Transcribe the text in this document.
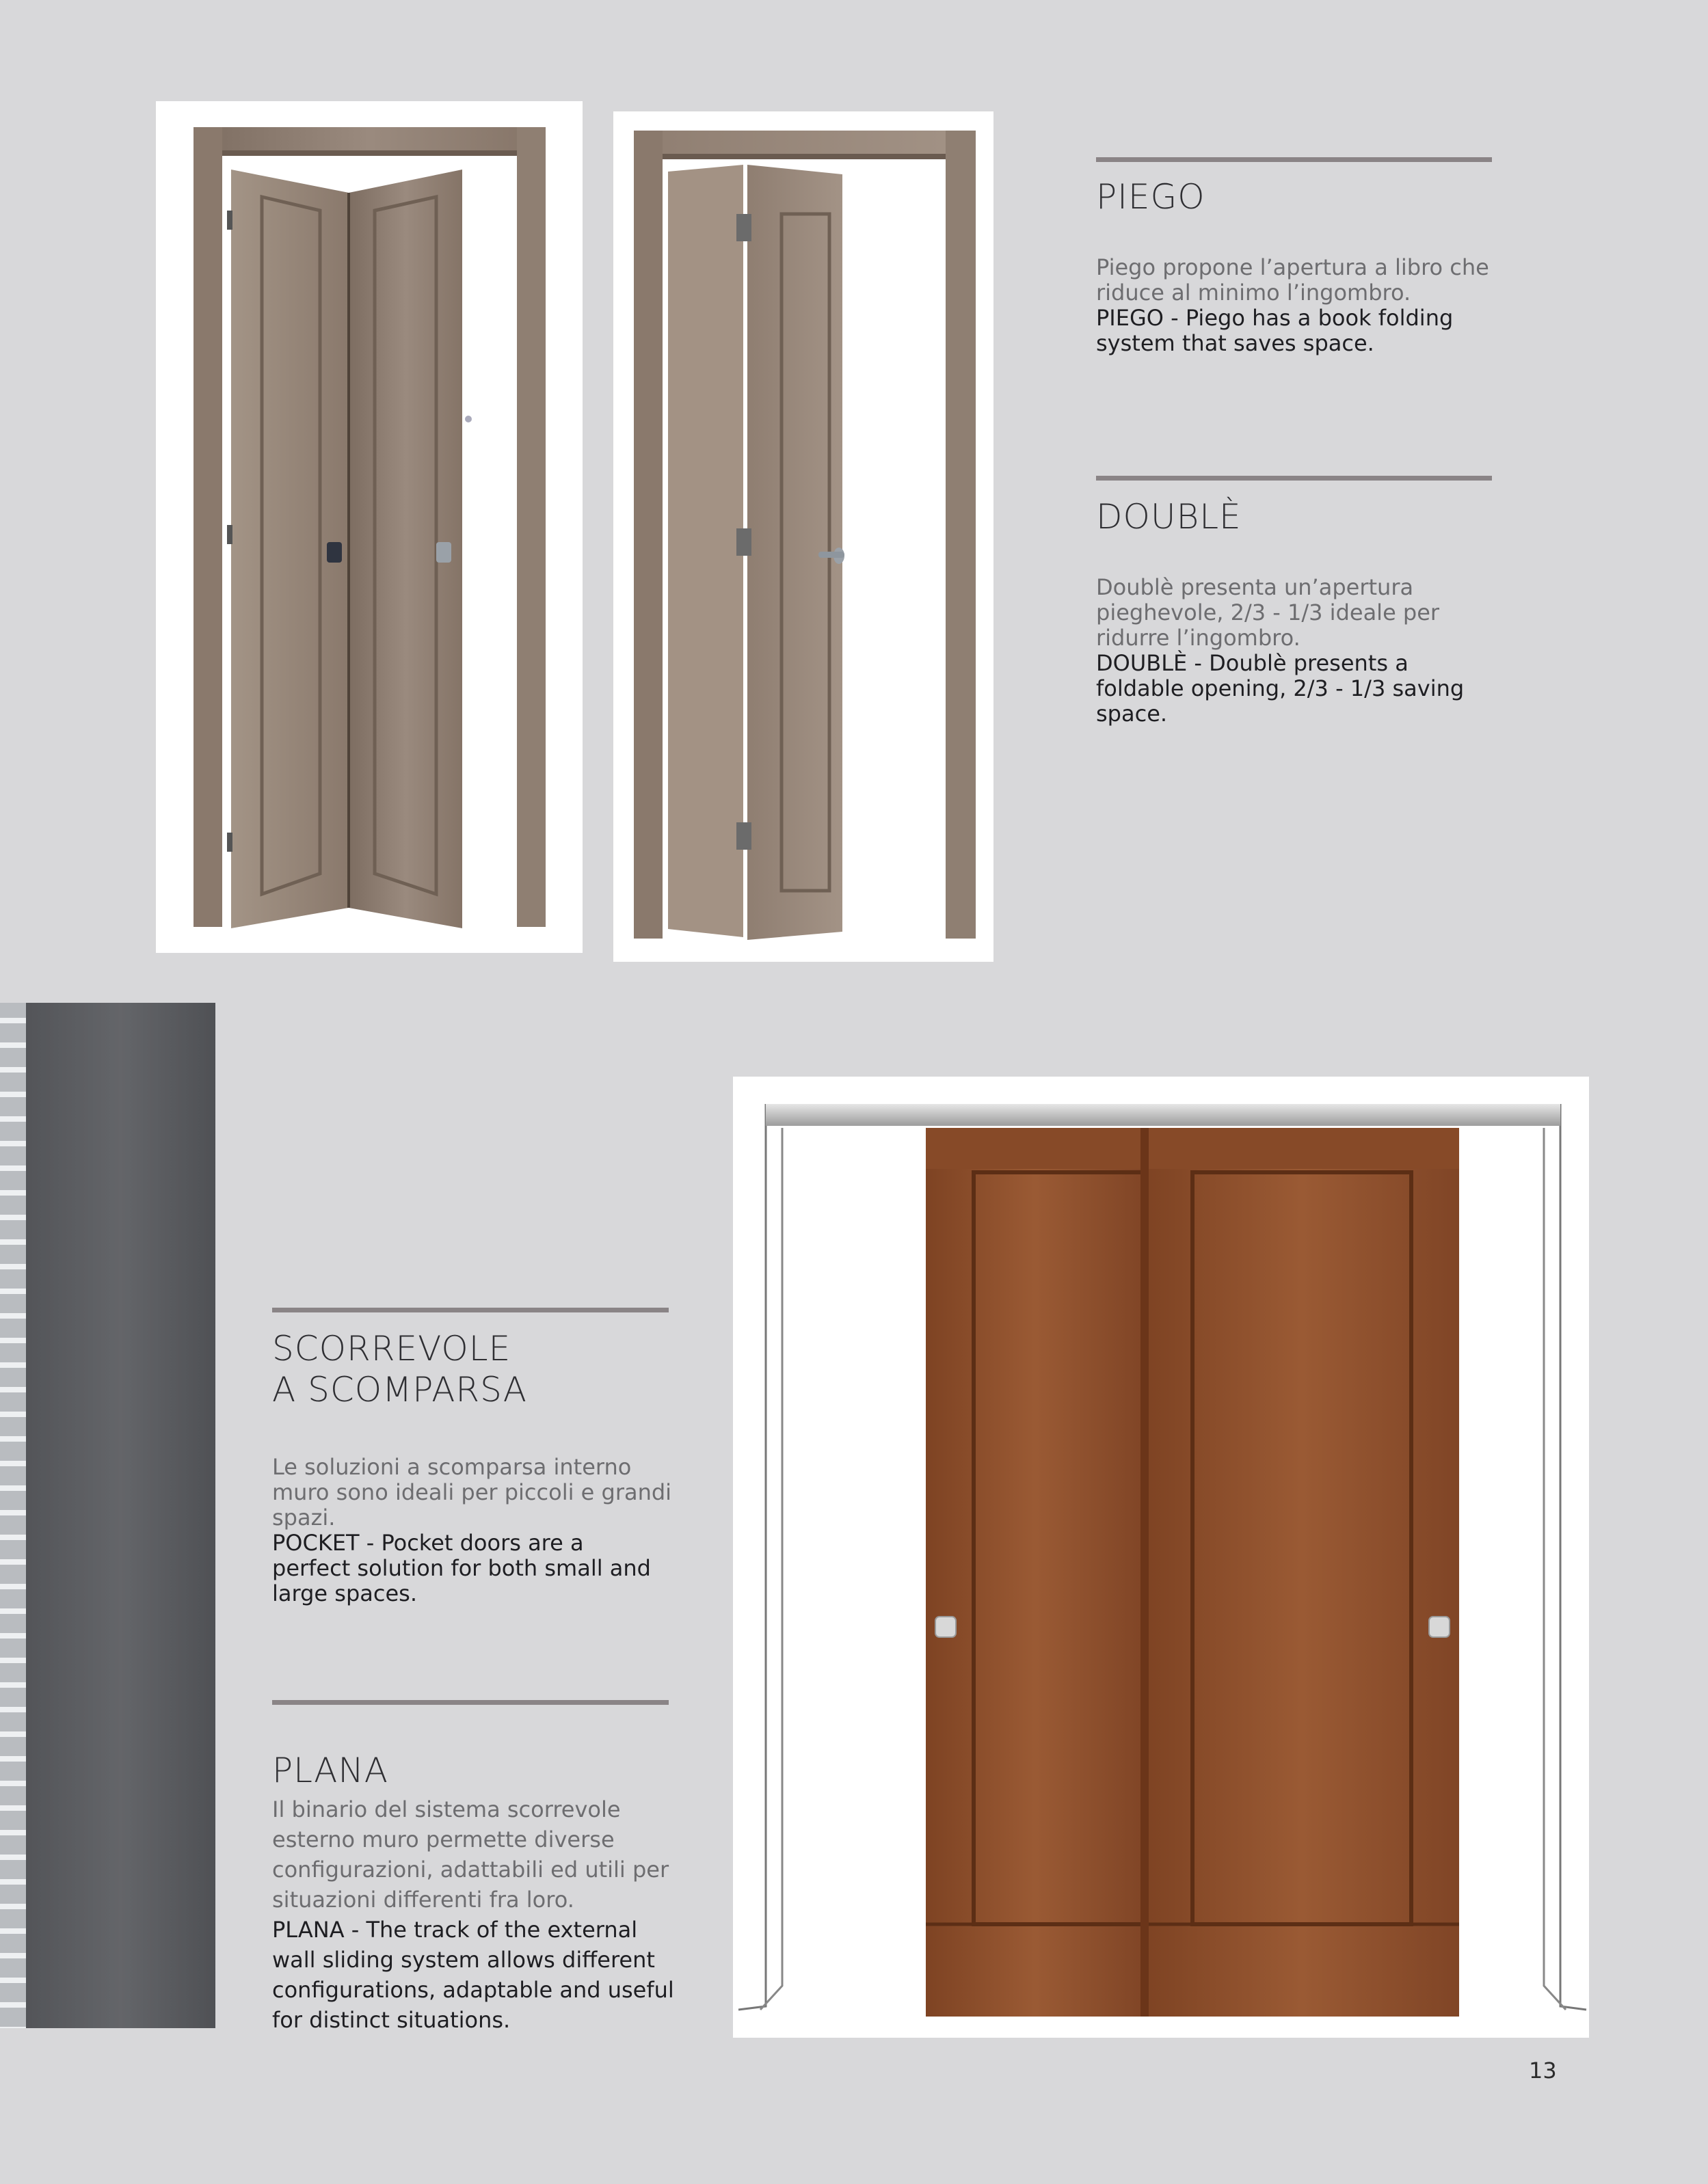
PIEGO
Piego propone l’apertura a libro che
riduce al minimo l’ingombro.
PIEGO - Piego has a book folding
system that saves space.
DOUBLÈ
Doublè presenta un’apertura
pieghevole, 2/3 - 1/3 ideale per
ridurre l’ingombro.
DOUBLÈ - Doublè presents a
foldable opening, 2/3 - 1/3 saving
space.
SCORREVOLE
A SCOMPARSA
Le soluzioni a scomparsa interno
muro sono ideali per piccoli e grandi
spazi.
POCKET - Pocket doors are a
perfect solution for both small and
large spaces.
PLANA
Il binario del sistema scorrevole
esterno muro permette diverse
configurazioni, adattabili ed utili per
situazioni differenti fra loro.
PLANA - The track of the external
wall sliding system allows different
configurations, adaptable and useful
for distinct situations.
13
